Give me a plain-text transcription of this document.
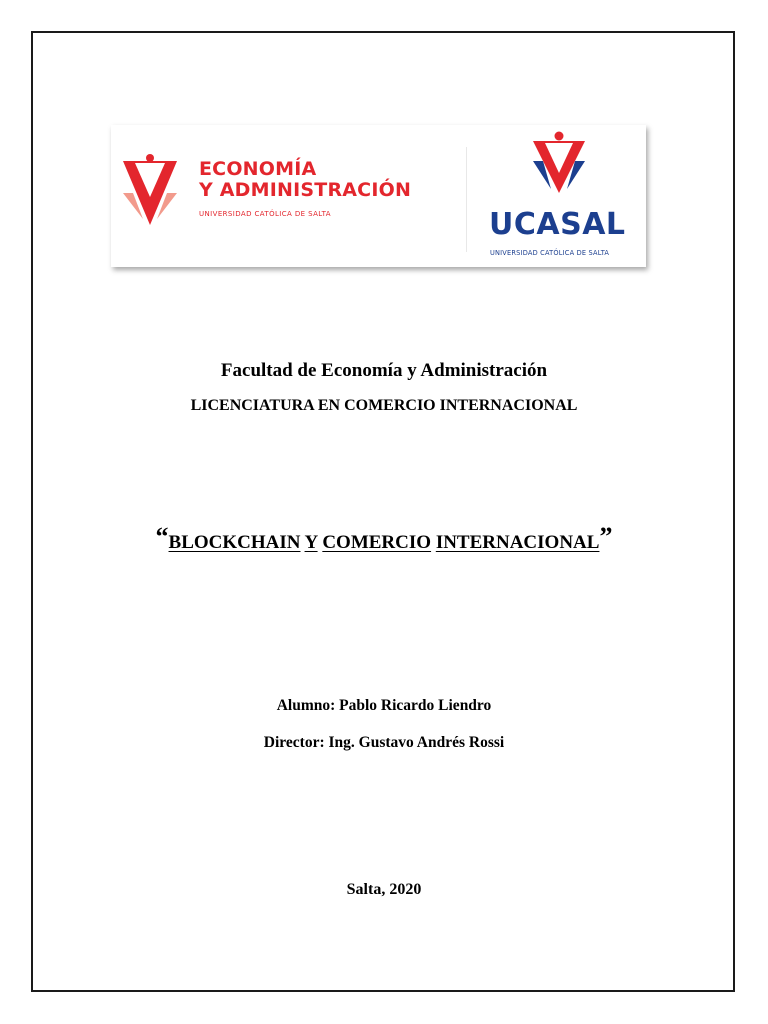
ECONOMÍA
Y ADMINISTRACIÓN
UNIVERSIDAD CATÓLICA DE SALTA	UCASAL
UNIVERSIDAD CATÓLICA DE SALTA
Facultad de Economía y Administración
LICENCIATURA EN COMERCIO INTERNACIONAL
“BLOCKCHAIN Y COMERCIO INTERNACIONAL”
Alumno: Pablo Ricardo Liendro
Director: Ing. Gustavo Andrés Rossi
Salta, 2020
